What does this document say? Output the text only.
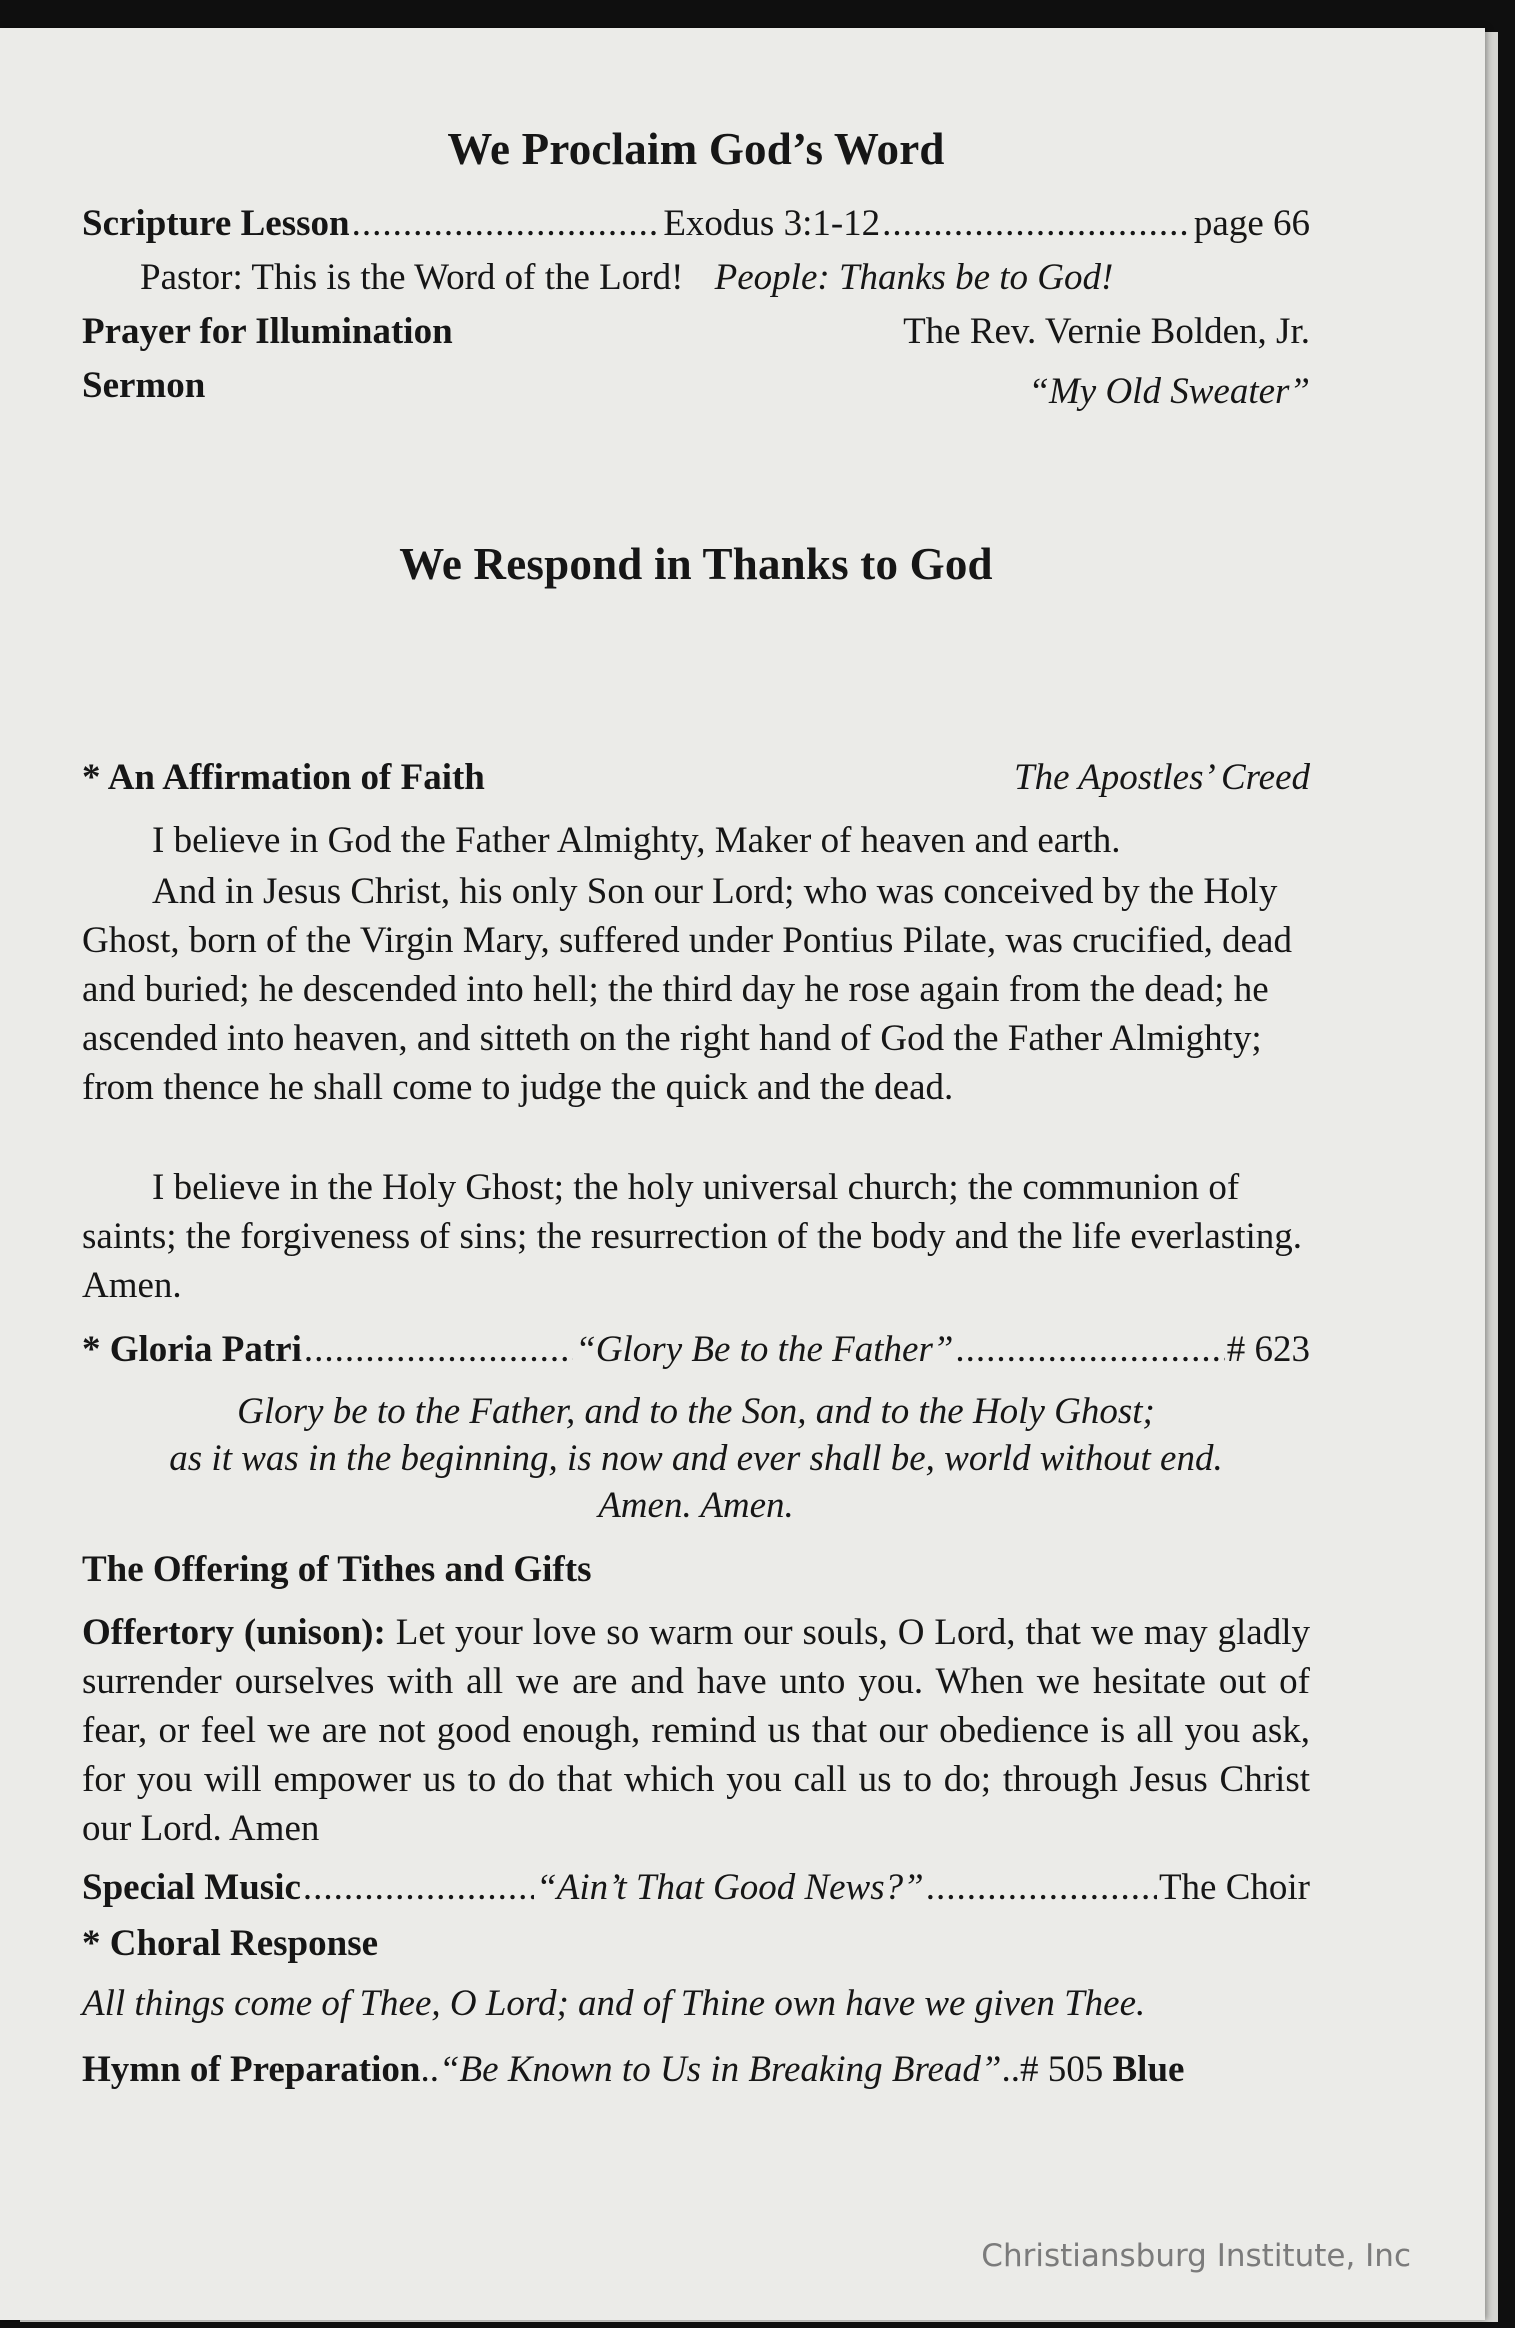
We Proclaim God’s Word
Scripture Lesson .....	Exodus 3:1-12 .....	page 66
Pastor: This is the Word of the Lord! People: Thanks be to God!
Prayer for Illumination	The Rev. Vernie Bolden, Jr.
Sermon	“My Old Sweater”
We Respond in Thanks to God
* An Affirmation of Faith	The Apostles’ Creed
I believe in God the Father Almighty, Maker of heaven and earth.
And in Jesus Christ, his only Son our Lord; who was conceived by the Holy Ghost, born of the Virgin Mary, suffered under Pontius Pilate, was crucified, dead and buried; he descended into hell; the third day he rose again from the dead; he ascended into heaven, and sitteth on the right hand of God the Father Almighty; from thence he shall come to judge the quick and the dead.
I believe in the Holy Ghost; the holy universal church; the communion of saints; the forgiveness of sins; the resurrection of the body and the life everlasting. Amen.
* Gloria Patri .....	“Glory Be to the Father” .....	# 623
Glory be to the Father, and to the Son, and to the Holy Ghost;
as it was in the beginning, is now and ever shall be, world without end.
Amen. Amen.
The Offering of Tithes and Gifts
Offertory (unison): Let your love so warm our souls, O Lord, that we may gladly surrender ourselves with all we are and have unto you. When we hesitate out of fear, or feel we are not good enough, remind us that our obedience is all you ask, for you will empower us to do that which you call us to do; through Jesus Christ our Lord. Amen
Special Music .....	“Ain’t That Good News?” .....	The Choir
* Choral Response
All things come of Thee, O Lord; and of Thine own have we given Thee.
Hymn of Preparation..“Be Known to Us in Breaking Bread”..# 505 Blue
Christiansburg Institute, Inc
